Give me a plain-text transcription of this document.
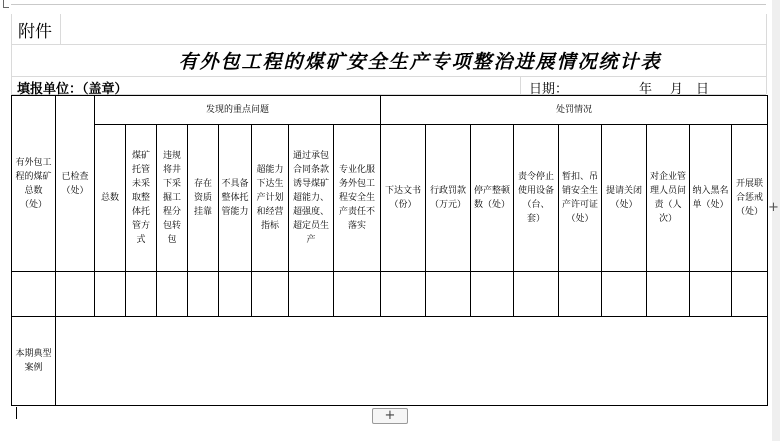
+
附件
有外包工程的煤矿安全生产专项整治进展情况统计表
填报单位：（盖章）	日期：	年 月 日
有外包工程的煤矿总数（处）	已检查（处）	发现的重点问题								处罚情况								
		总数	煤矿托管未采取整体托管方式	违规将井下采掘工程分包转包	存在资质挂靠	不具备整体托管能力	超能力下达生产计划和经营指标	通过承包合同条款诱导煤矿超能力、超强度、超定员生产	专业化服务外包工程安全生产责任不落实	下达文书（份）	行政罚款（万元）	停产整顿数（处）	责令停止使用设备（台、套）	暂扣、吊销安全生产许可证（处）	提请关闭（处）	对企业管理人员问责（人次）	纳入黑名单（处）	开展联合惩戒（处）

本期典型案例																		
+
